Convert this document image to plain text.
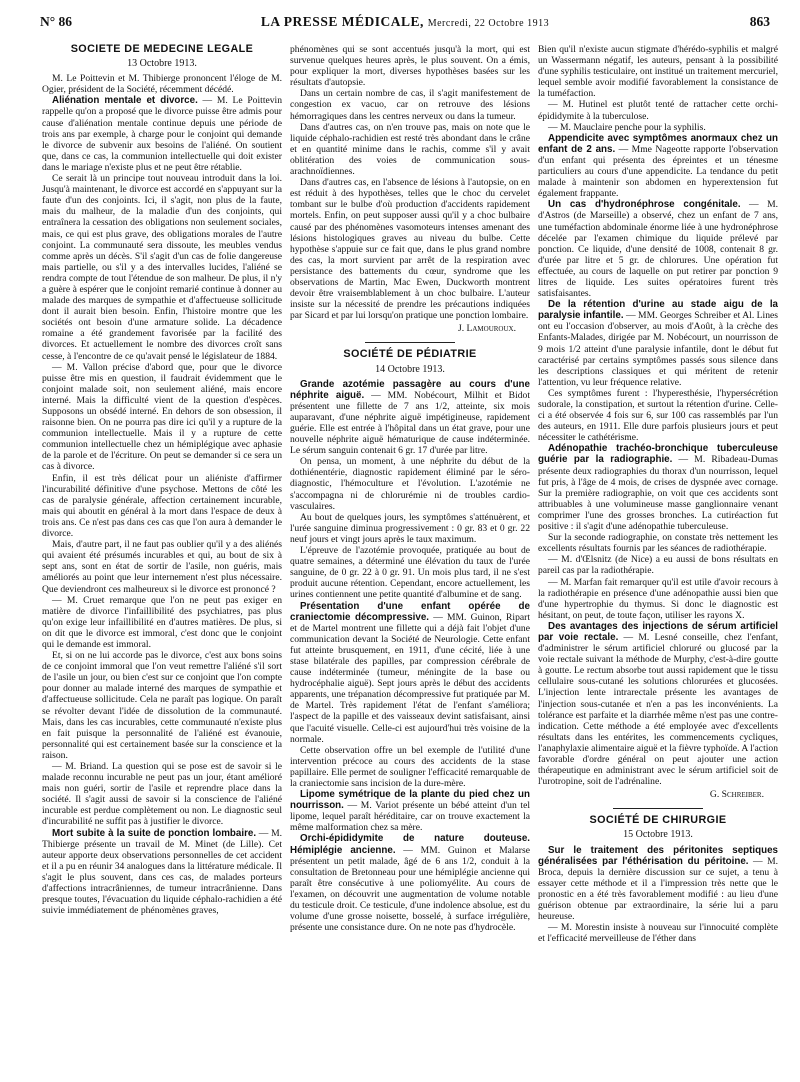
N° 86	LA PRESSE MÉDICALE, Mercredi, 22 Octobre 1913	863
SOCIÉTÉ DE MÉDECINE LÉGALE
13 Octobre 1913.

M. Le Poittevin et M. Thibierge prononcent l'éloge de M. Ogier, président de la Société, récemment décédé.

Aliénation mentale et divorce. — M. Le Poittevin rappelle qu'on a proposé que le divorce puisse être admis pour cause d'aliénation mentale continue depuis une période de trois ans par exemple, à charge pour le conjoint qui demande le divorce de subvenir aux besoins de l'aliéné. On soutient que, dans ce cas, la communion intellectuelle qui doit exister dans le mariage n'existe plus et ne peut être rétablie.

Ce serait là un principe tout nouveau introduit dans la loi. Jusqu'à maintenant, le divorce est accordé en s'appuyant sur la faute d'un des conjoints. Ici, il s'agit, non plus de la faute, mais du malheur, de la maladie d'un des conjoints, qui entraînera la cessation des obligations non seulement sociales, mais, ce qui est plus grave, des obligations morales de l'autre conjoint. La communauté sera dissoute, les meubles vendus comme après un décès. S'il s'agit d'un cas de folie dangereuse mais partielle, ou s'il y a des intervalles lucides, l'aliéné se rendra compte de tout l'étendue de son malheur. De plus, il n'y a guère à espérer que le conjoint remarié continue à donner au malade des marques de sympathie et d'affectueuse sollicitude dont il aurait bien besoin. Enfin, l'histoire montre que les sociétés ont besoin d'une armature solide. La décadence romaine a été grandement favorisée par la facilité des divorces. Et actuellement le nombre des divorces croît sans cesse, à l'encontre de ce qu'avait pensé le législateur de 1884.

— M. Vallon précise d'abord que, pour que le divorce puisse être mis en question, il faudrait évidemment que le conjoint malade soit, non seulement aliéné, mais encore interné. Mais la difficulté vient de la question d'espèces. Supposons un obsédé interné. En dehors de son obsession, il raisonne bien. On ne pourra pas dire ici qu'il y a rupture de la communion intellectuelle. Mais il y a rupture de cette communion intellectuelle chez un hémiplégique avec aphasie de la parole et de l'écriture. On peut se demander si ce sera un cas à divorce.

Enfin, il est très délicat pour un aliéniste d'affirmer l'incurabilité définitive d'une psychose. Mettons de côté les cas de paralysie générale, affection certainement incurable, mais qui aboutit en général à la mort dans l'espace de deux à trois ans. Ce n'est pas dans ces cas que l'on aura à demander le divorce.

Mais, d'autre part, il ne faut pas oublier qu'il y a des aliénés qui avaient été présumés incurables et qui, au bout de six à sept ans, sont en état de sortir de l'asile, non guéris, mais améliorés au point que leur internement n'est plus nécessaire. Que deviendront ces malheureux si le divorce est prononcé ?

— M. Cruet remarque que l'on ne peut pas exiger en matière de divorce l'infaillibilité des psychiatres, pas plus qu'on exige leur infaillibilité en d'autres matières. De plus, si on dit que le divorce est immoral, c'est donc que le conjoint qui le demande est immoral.

Et, si on ne lui accorde pas le divorce, c'est aux bons soins de ce conjoint immoral que l'on veut remettre l'aliéné s'il sort de l'asile un jour, ou bien c'est sur ce conjoint que l'on compte pour donner au malade interné des marques de sympathie et d'affectueuse sollicitude. Cela ne paraît pas logique. On paraît se révolter devant l'idée de dissolution de la communauté. Mais, dans les cas incurables, cette communauté n'existe plus en fait puisque la personnalité de l'aliéné est évanouie, personnalité qui est certainement basée sur la conscience et la raison.

— M. Briand. La question qui se pose est de savoir si le malade reconnu incurable ne peut pas un jour, étant amélioré mais non guéri, sortir de l'asile et reprendre place dans la société. Il s'agit aussi de savoir si la conscience de l'aliéné incurable est perdue complètement ou non. Le diagnostic seul d'incurabilité ne suffit pas à justifier le divorce.

Mort subite à la suite de ponction lombaire. — M. Thibierge présente un travail de M. Minet (de Lille). Cet auteur apporte deux observations personnelles de cet accident et il a pu en réunir 34 analogues dans la littérature médicale. Il s'agit le plus souvent, dans ces cas, de malades porteurs d'affections intracrâniennes, de tumeur intracrânienne. Dans presque toutes, l'évacuation du liquide céphalo-rachidien a été suivie immédiatement de phénomènes graves,

phénomènes qui se sont accentués jusqu'à la mort, qui est survenue quelques heures après, le plus souvent. On a émis, pour expliquer la mort, diverses hypothèses basées sur les résultats d'autopsie.

Dans un certain nombre de cas, il s'agit manifestement de congestion ex vacuo, car on retrouve des lésions hémorragiques dans les centres nerveux ou dans la tumeur.

Dans d'autres cas, on n'en trouve pas, mais on note que le liquide céphalo-rachidien est resté très abondant dans le crâne et en quantité minime dans le rachis, comme s'il y avait oblitération des voies de communication sous-arachnoïdiennes.

Dans d'autres cas, en l'absence de lésions à l'autopsie, on en est réduit à des hypothèses, telles que le choc du cervelet tombant sur le bulbe d'où production d'accidents rapidement mortels. Enfin, on peut supposer aussi qu'il y a choc bulbaire causé par des phénomènes vasomoteurs intenses amenant des lésions histologiques graves au niveau du bulbe. Cette hypothèse s'appuie sur ce fait que, dans le plus grand nombre des cas, la mort survient par arrêt de la respiration avec persistance des battements du cœur, syndrome que les observations de Martin, Mac Ewen, Duckworth montrent devoir être vraisemblablement à un choc bulbaire. L'auteur insiste sur la nécessité de prendre les précautions indiquées par Sicard et par lui lorsqu'on pratique une ponction lombaire.

J. Lamouroux.
SOCIÉTÉ DE PÉDIATRIE
14 Octobre 1913.

Grande azotémie passagère au cours d'une néphrite aiguë. — MM. Nobécourt, Milhit et Bidot présentent une fillette de 7 ans 1/2, atteinte, six mois auparavant, d'une néphrite aiguë impétigineuse, rapidement guérie. Elle est entrée à l'hôpital dans un état grave, pour une nouvelle néphrite aiguë hématurique de cause indéterminée. Le sérum sanguin contenait 6 gr. 17 d'urée par litre.

On pensa, un moment, à une néphrite du début de la dothiénentérie, diagnostic rapidement éliminé par le séro-diagnostic, l'hémoculture et l'évolution. L'azotémie ne s'accompagna ni de chlorurémie ni de troubles cardio-vasculaires.

Au bout de quelques jours, les symptômes s'atténuèrent, et l'urée sanguine diminua progressivement : 0 gr. 83 et 0 gr. 22 neuf jours et vingt jours après le taux maximum.

L'épreuve de l'azotémie provoquée, pratiquée au bout de quatre semaines, a déterminé une élévation du taux de l'urée sanguine, de 0 gr. 22 à 0 gr. 91. Un mois plus tard, il ne s'est produit aucune rétention. Cependant, encore actuellement, les urines contiennent une petite quantité d'albumine et de sang.

Présentation d'une enfant opérée de craniectomie décompressive. — MM. Guinon, Ripart et de Martel montrent une fillette qui a déjà fait l'objet d'une communication devant la Société de Neurologie. Cette enfant fut atteinte brusquement, en 1911, d'une cécité, liée à une stase bilatérale des papilles, par compression cérébrale de cause indéterminée (tumeur, méningite de la base ou hydrocéphalie aiguë). Sept jours après le début des accidents apparents, une trépanation décompressive fut pratiquée par M. de Martel. Très rapidement l'état de l'enfant s'améliora; l'aspect de la papille et des vaisseaux devint satisfaisant, ainsi que l'acuité visuelle. Celle-ci est aujourd'hui très voisine de la normale.

Cette observation offre un bel exemple de l'utilité d'une intervention précoce au cours des accidents de la stase papillaire. Elle permet de souligner l'efficacité remarquable de la craniectomie sans incision de la dure-mère.

Lipome symétrique de la plante du pied chez un nourrisson. — M. Variot présente un bébé atteint d'un tel lipome, lequel paraît héréditaire, car on trouve exactement la même malformation chez sa mère.

Orchi-épididymite de nature douteuse. Hémiplégie ancienne. — MM. Guinon et Malarse présentent un petit malade, âgé de 6 ans 1/2, conduit à la consultation de Bretonneau pour une hémiplégie ancienne qui paraît être consécutive à une poliomyélite. Au cours de l'examen, on découvrit une augmentation de volume notable du testicule droit. Ce testicule, d'une indolence absolue, est du volume d'une grosse noisette, bosselé, à surface irrégulière, présente une consistance dure. On ne note pas d'hydrocèle.

Bien qu'il n'existe aucun stigmate d'hérédo-syphilis et malgré un Wassermann négatif, les auteurs, pensant à la possibilité d'une syphilis testiculaire, ont institué un traitement mercuriel, lequel semble avoir modifié favorablement la consistance de la tuméfaction.

— M. Hutinel est plutôt tenté de rattacher cette orchi-épididymite à la tuberculose.

— M. Mauclaire penche pour la syphilis.

Appendicite avec symptômes anormaux chez un enfant de 2 ans. — Mme Nageotte rapporte l'observation d'un enfant qui présenta des épreintes et un ténesme particuliers au cours d'une appendicite. La tendance du petit malade à maintenir son abdomen en hyperextension fut également frappante.

Un cas d'hydronéphrose congénitale. — M. d'Astros (de Marseille) a observé, chez un enfant de 7 ans, une tuméfaction abdominale énorme liée à une hydronéphrose décelée par l'examen chimique du liquide prélevé par ponction. Ce liquide, d'une densité de 1008, contenait 8 gr. d'urée par litre et 5 gr. de chlorures. Une opération fut effectuée, au cours de laquelle on put retirer par ponction 9 litres de liquide. Les suites opératoires furent très satisfaisantes.

De la rétention d'urine au stade aigu de la paralysie infantile. — MM. Georges Schreiber et Al. Lines ont eu l'occasion d'observer, au mois d'Août, à la crèche des Enfants-Malades, dirigée par M. Nobécourt, un nourrisson de 9 mois 1/2 atteint d'une paralysie infantile, dont le début fut caractérisé par certains symptômes passés sous silence dans les descriptions classiques et qui méritent de retenir l'attention, vu leur fréquence relative.

Ces symptômes furent : l'hyperesthésie, l'hypersécrétion sudorale, la constipation, et surtout la rétention d'urine. Celle-ci a été observée 4 fois sur 6, sur 100 cas rassemblés par l'un des auteurs, en 1911. Elle dure parfois plusieurs jours et peut nécessiter le cathétérisme.

Adénopathie trachéo-bronchique tuberculeuse guérie par la radiographie. — M. Ribadeau-Dumas présente deux radiographies du thorax d'un nourrisson, lequel fut pris, à l'âge de 4 mois, de crises de dyspnée avec cornage. Sur la première radiographie, on voit que ces accidents sont attribuables à une volumineuse masse ganglionnaire venant comprimer l'une des grosses bronches. La cutiréaction fut positive : il s'agit d'une adénopathie tuberculeuse.

Sur la seconde radiographie, on constate très nettement les excellents résultats fournis par les séances de radiothérapie.

— M. d'Œlsnitz (de Nice) a eu aussi de bons résultats en pareil cas par la radiothérapie.

— M. Marfan fait remarquer qu'il est utile d'avoir recours à la radiothérapie en présence d'une adénopathie aussi bien que d'une hypertrophie du thymus. Si donc le diagnostic est hésitant, on peut, de toute façon, utiliser les rayons X.

Des avantages des injections de sérum artificiel par voie rectale. — M. Lesné conseille, chez l'enfant, d'administrer le sérum artificiel chloruré ou glucosé par la voie rectale suivant la méthode de Murphy, c'est-à-dire goutte à goutte. Le rectum absorbe tout aussi rapidement que le tissu cellulaire sous-cutané les solutions chlorurées et glucosées. L'injection lente intrarectale présente les avantages de l'injection sous-cutanée et n'en a pas les inconvénients. La tolérance est parfaite et la diarrhée même n'est pas une contre-indication. Cette méthode a été employée avec d'excellents résultats dans les entérites, les commencements cycliques, l'anaphylaxie alimentaire aiguë et la fièvre typhoïde. A l'action favorable d'ordre général on peut ajouter une action thérapeutique en administrant avec le sérum artificiel soit de l'urotropine, soit de l'adrénaline.

G. Schreiber.
SOCIÉTÉ DE CHIRURGIE
15 Octobre 1913.

Sur le traitement des péritonites septiques généralisées par l'éthérisation du péritoine. — M. Broca, depuis la dernière discussion sur ce sujet, a tenu à essayer cette méthode et il a l'impression très nette que le pronostic en a été très favorablement modifié : au lieu d'une guérison obtenue par extraordinaire, la série lui a paru heureuse.

— M. Morestin insiste à nouveau sur l'innocuité complète et l'efficacité merveilleuse de l'éther dans
